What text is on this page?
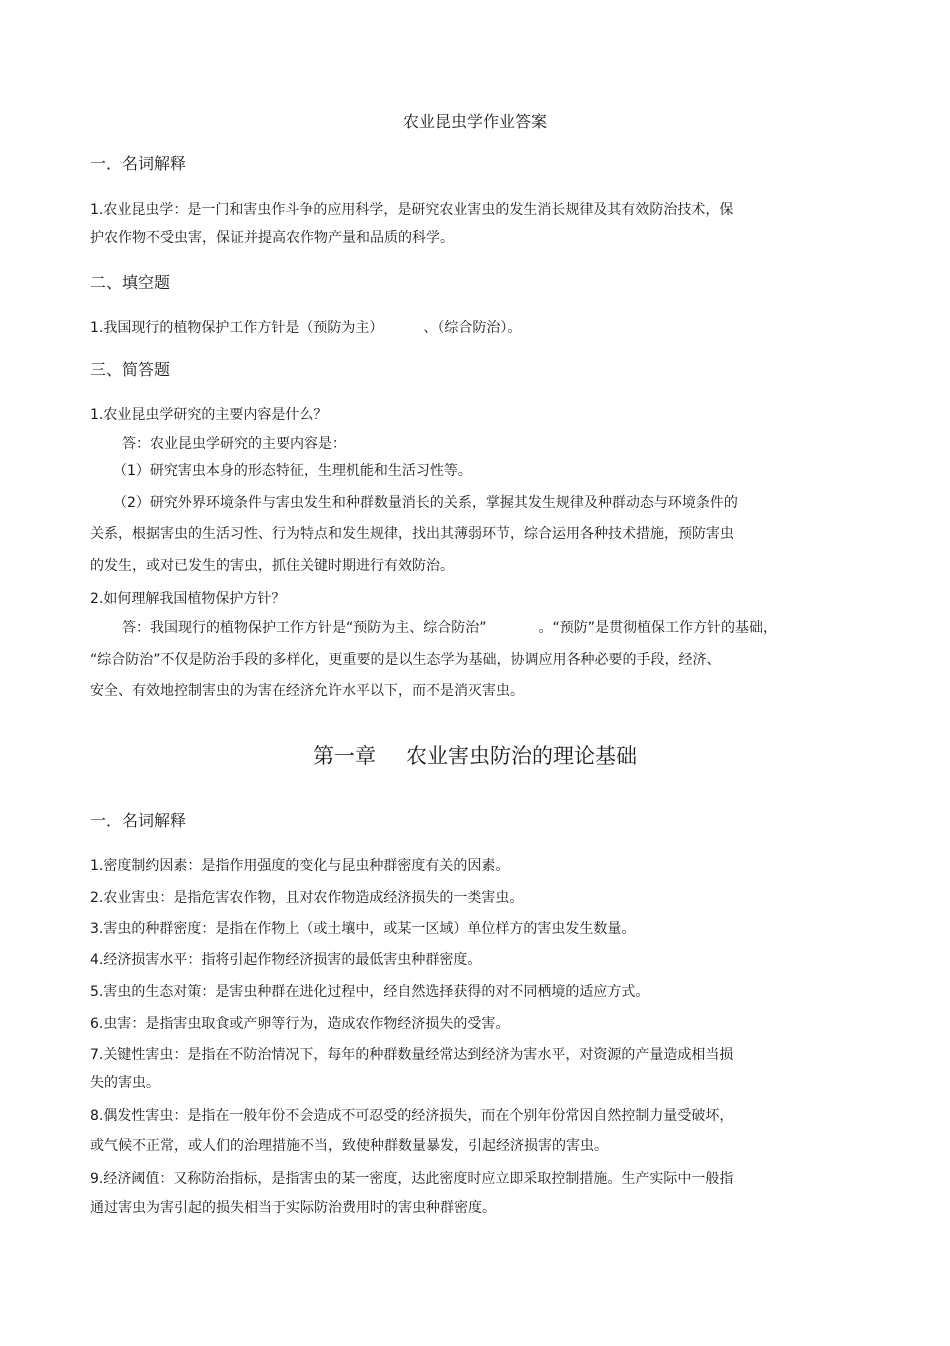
农业昆虫学作业答案
一．名词解释
1.农业昆虫学：是一门和害虫作斗争的应用科学，是研究农业害虫的发生消长规律及其有效防治技术，保
护农作物不受虫害，保证并提高农作物产量和品质的科学。
二、填空题
1.我国现行的植物保护工作方针是（预防为主）	、（综合防治）。
三、简答题
1.农业昆虫学研究的主要内容是什么？
答：农业昆虫学研究的主要内容是：
（1）研究害虫本身的形态特征，生理机能和生活习性等。
（2）研究外界环境条件与害虫发生和种群数量消长的关系，掌握其发生规律及种群动态与环境条件的
关系，根据害虫的生活习性、行为特点和发生规律，找出其薄弱环节，综合运用各种技术措施，预防害虫
的发生，或对已发生的害虫，抓住关键时期进行有效防治。
2.如何理解我国植物保护方针？
答：我国现行的植物保护工作方针是“预防为主、综合防治”	。“预防”是贯彻植保工作方针的基础，
“综合防治”不仅是防治手段的多样化，更重要的是以生态学为基础，协调应用各种必要的手段，经济、
安全、有效地控制害虫的为害在经济允许水平以下，而不是消灭害虫。
第一章 农业害虫防治的理论基础
一．名词解释
1.密度制约因素：是指作用强度的变化与昆虫种群密度有关的因素。
2.农业害虫：是指危害农作物，且对农作物造成经济损失的一类害虫。
3.害虫的种群密度：是指在作物上（或土壤中，或某一区域）单位样方的害虫发生数量。
4.经济损害水平：指将引起作物经济损害的最低害虫种群密度。
5.害虫的生态对策：是害虫种群在进化过程中，经自然选择获得的对不同栖境的适应方式。
6.虫害：是指害虫取食或产卵等行为，造成农作物经济损失的受害。
7.关键性害虫：是指在不防治情况下，每年的种群数量经常达到经济为害水平，对资源的产量造成相当损
失的害虫。
8.偶发性害虫：是指在一般年份不会造成不可忍受的经济损失，而在个别年份常因自然控制力量受破坏，
或气候不正常，或人们的治理措施不当，致使种群数量暴发，引起经济损害的害虫。
9.经济阈值：又称防治指标，是指害虫的某一密度，达此密度时应立即采取控制措施。生产实际中一般指
通过害虫为害引起的损失相当于实际防治费用时的害虫种群密度。
